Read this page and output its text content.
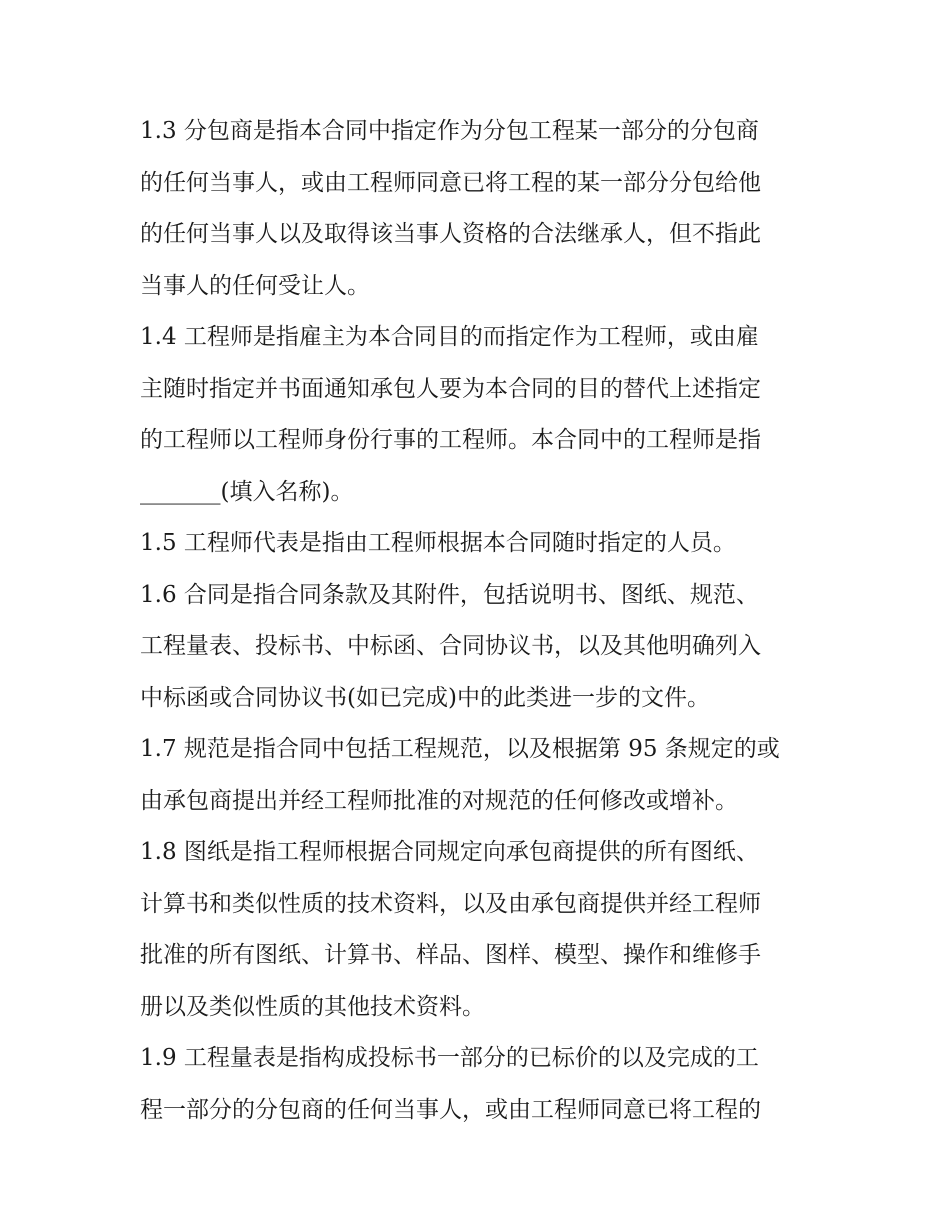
1.3 分包商是指本合同中指定作为分包工程某一部分的分包商
的任何当事人，或由工程师同意已将工程的某一部分分包给他
的任何当事人以及取得该当事人资格的合法继承人，但不指此
当事人的任何受让人。
1.4 工程师是指雇主为本合同目的而指定作为工程师，或由雇
主随时指定并书面通知承包人要为本合同的目的替代上述指定
的工程师以工程师身份行事的工程师。本合同中的工程师是指
_______(填入名称)。
1.5 工程师代表是指由工程师根据本合同随时指定的人员。
1.6 合同是指合同条款及其附件，包括说明书、图纸、规范、
工程量表、投标书、中标函、合同协议书，以及其他明确列入
中标函或合同协议书(如已完成)中的此类进一步的文件。
1.7 规范是指合同中包括工程规范，以及根据第 95 条规定的或
由承包商提出并经工程师批准的对规范的任何修改或增补。
1.8 图纸是指工程师根据合同规定向承包商提供的所有图纸、
计算书和类似性质的技术资料，以及由承包商提供并经工程师
批准的所有图纸、计算书、样品、图样、模型、操作和维修手
册以及类似性质的其他技术资料。
1.9 工程量表是指构成投标书一部分的已标价的以及完成的工
程一部分的分包商的任何当事人，或由工程师同意已将工程的
